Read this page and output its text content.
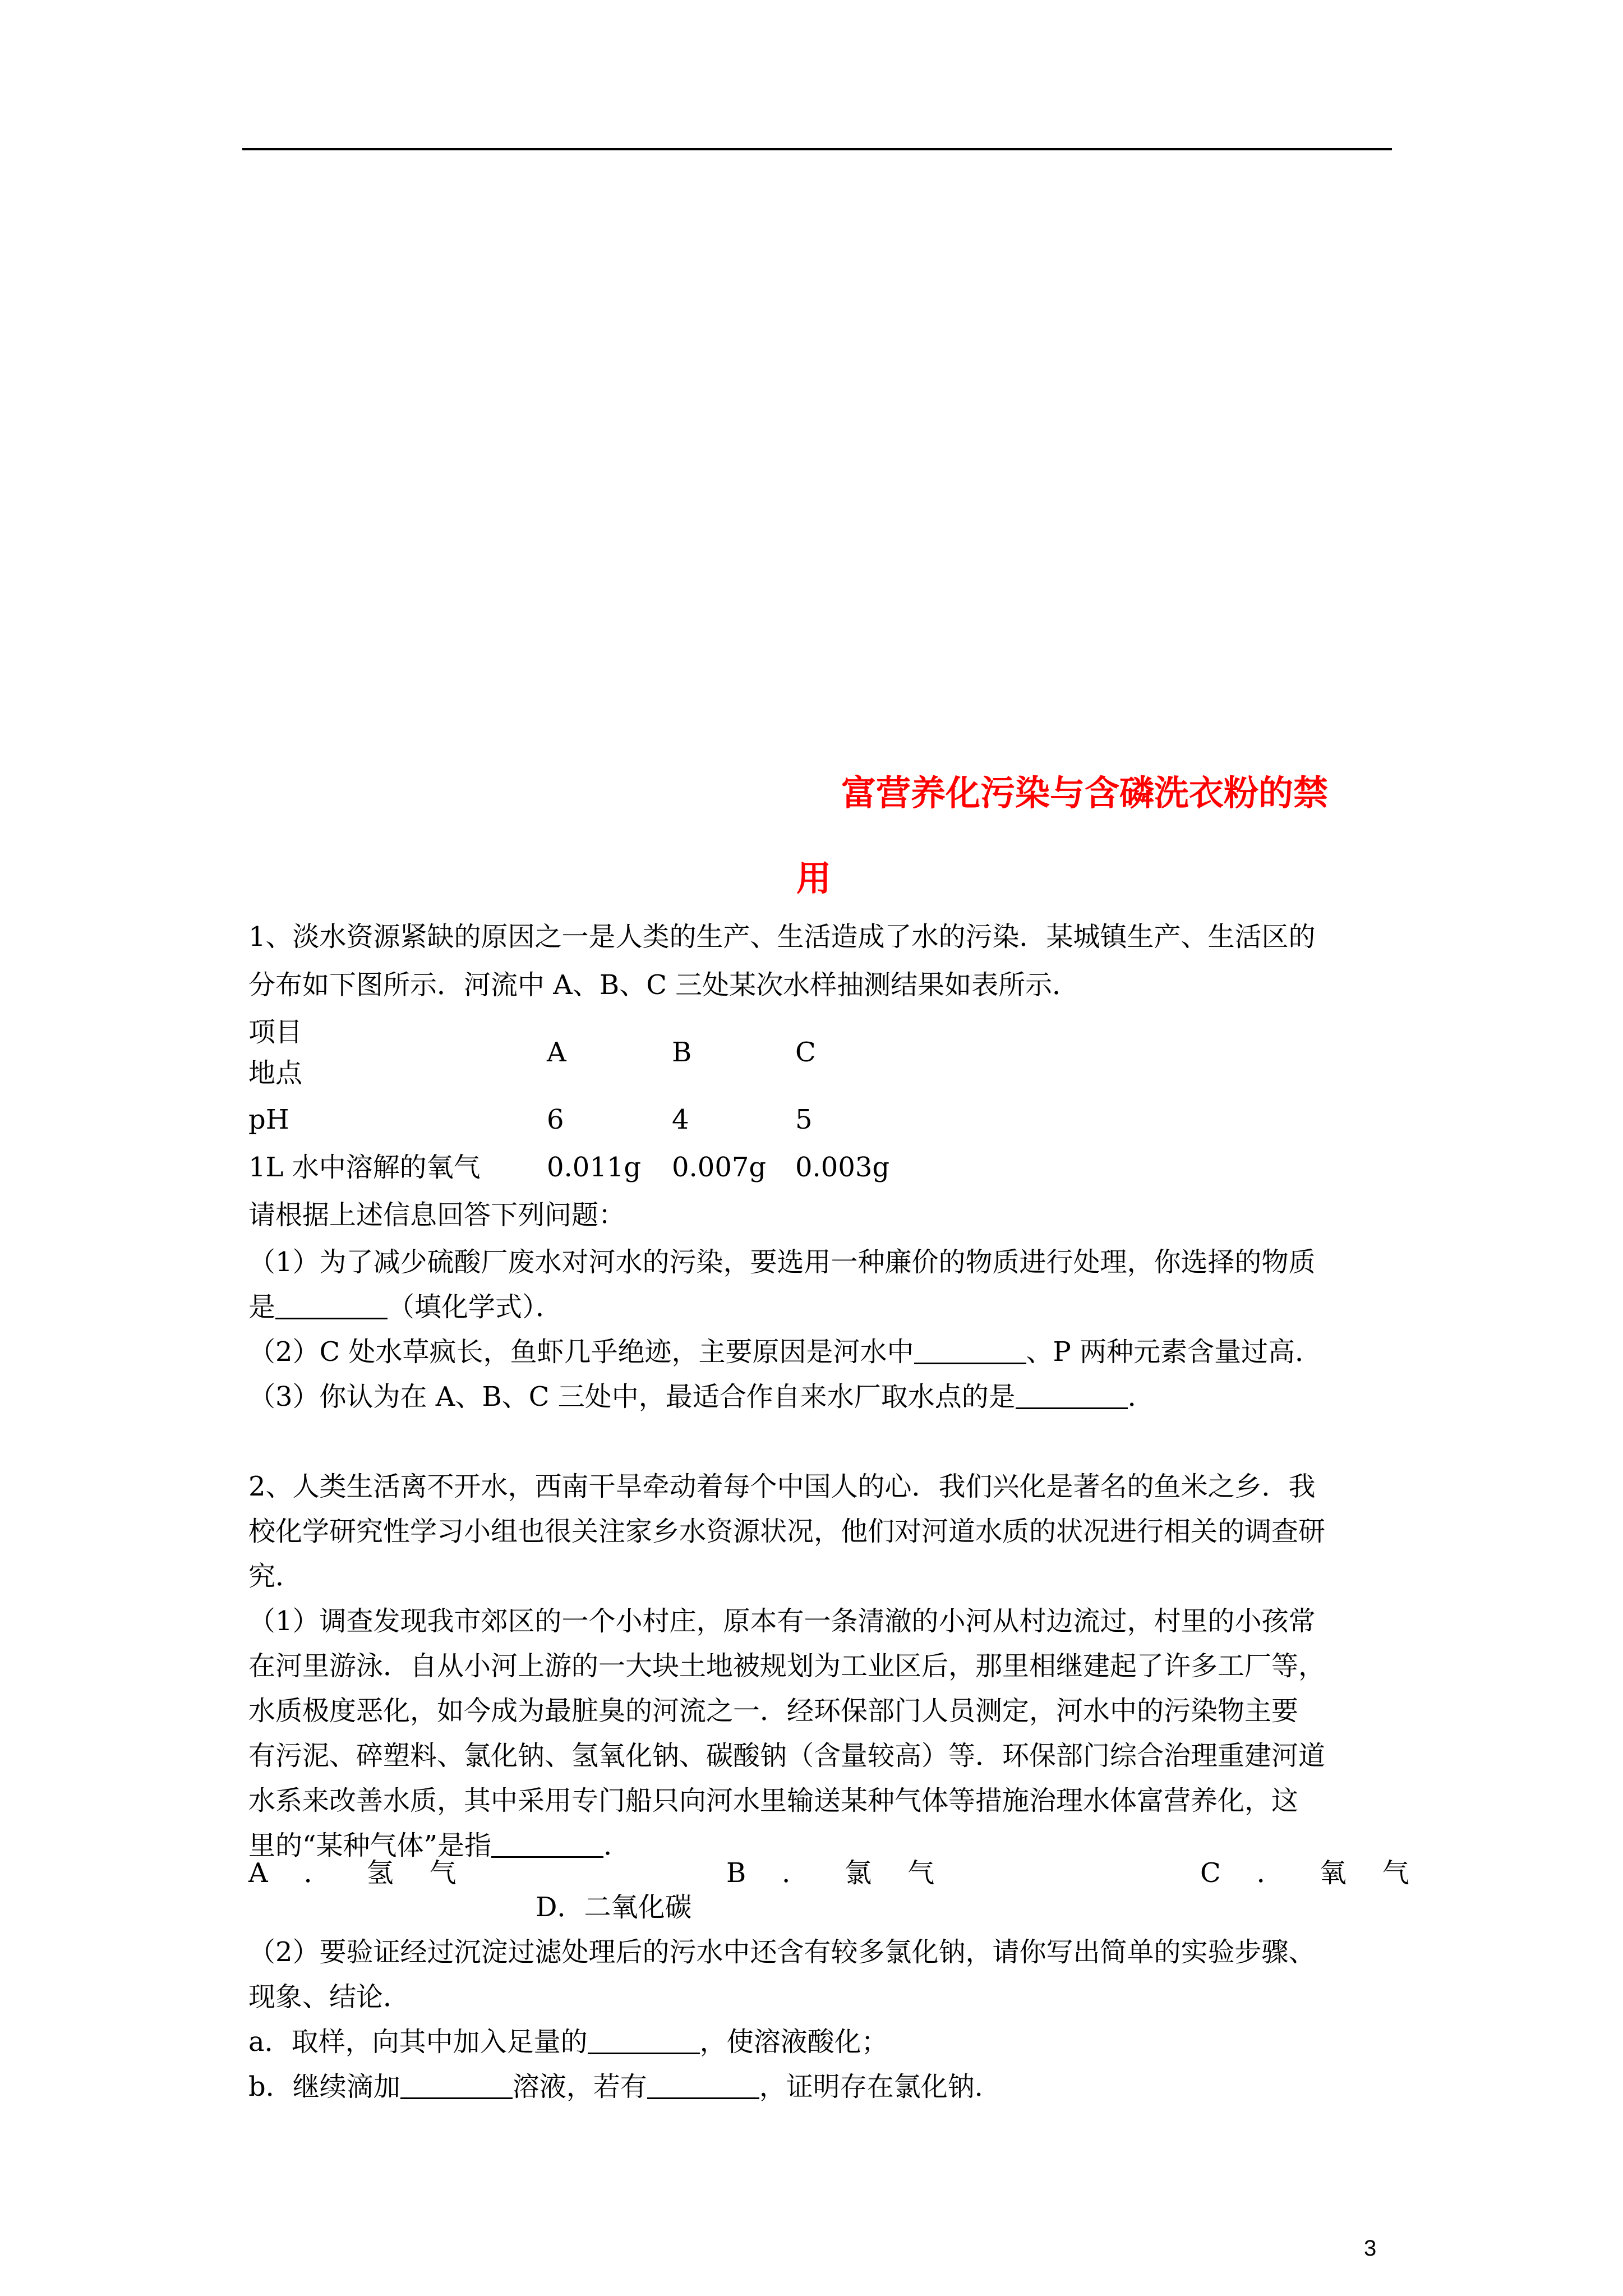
富营养化污染与含磷洗衣粉的禁
用
1、淡水资源紧缺的原因之一是人类的生产、生活造成了水的污染．某城镇生产、生活区的
分布如下图所示．河流中 A、B、C 三处某次水样抽测结果如表所示．
项目
地点
A	B	C
pH	6	4	5
1L 水中溶解的氧气 0.011g 0.007g 0.003g
请根据上述信息回答下列问题：
（1）为了减少硫酸厂废水对河水的污染，要选用一种廉价的物质进行处理，你选择的物质
是	（填化学式）．
（2）C 处水草疯长，鱼虾几乎绝迹，主要原因是河水中	、P 两种元素含量过高．
（3）你认为在 A、B、C 三处中，最适合作自来水厂取水点的是	．
2、人类生活离不开水，西南干旱牵动着每个中国人的心．我们兴化是著名的鱼米之乡．我
校化学研究性学习小组也很关注家乡水资源状况，他们对河道水质的状况进行相关的调查研
究．
（1）调查发现我市郊区的一个小村庄，原本有一条清澈的小河从村边流过，村里的小孩常
在河里游泳．自从小河上游的一大块土地被规划为工业区后，那里相继建起了许多工厂等，
水质极度恶化，如今成为最脏臭的河流之一．经环保部门人员测定，河水中的污染物主要
有污泥、碎塑料、氯化钠、氢氧化钠、碳酸钠（含量较高）等．环保部门综合治理重建河道
水系来改善水质，其中采用专门船只向河水里输送某种气体等措施治理水体富营养化，这
里的“某种气体”是指	．
A．氢气	B．氯气	C．氧气
D．二氧化碳
（2）要验证经过沉淀过滤处理后的污水中还含有较多氯化钠，请你写出简单的实验步骤、
现象、结论．
a．取样，向其中加入足量的	，使溶液酸化；
b．继续滴加	溶液，若有	，证明存在氯化钠．
3
